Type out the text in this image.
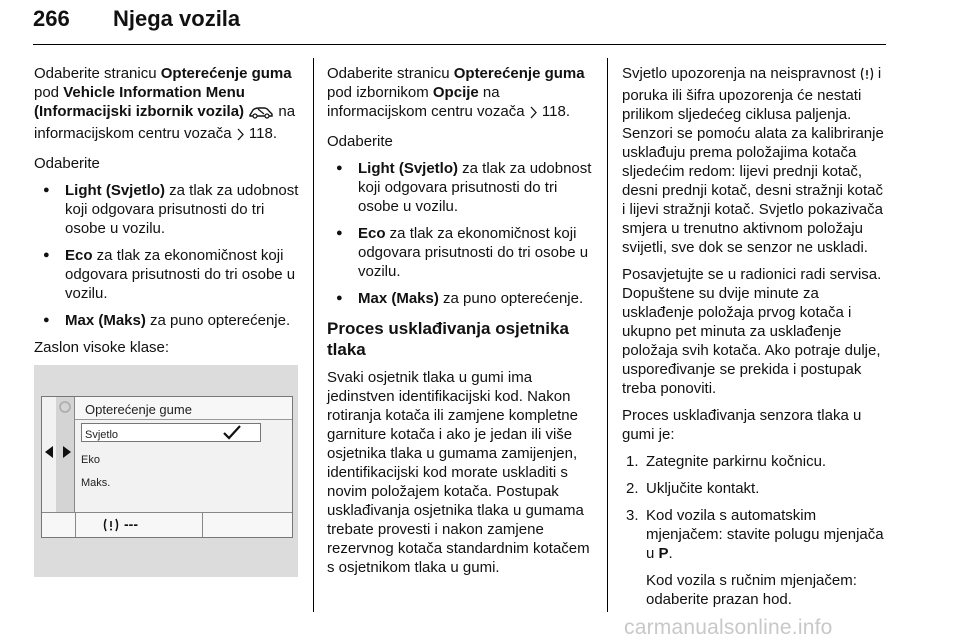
266 Njega vozila

Odaberite stranicu Opterećenje guma pod Vehicle Information Menu (Informacijski izbornik vozila)  na informacijskom centru vozača  118.

Odaberite

● Light (Svjetlo) za tlak za udobnost koji odgovara prisutnosti do tri osobe u vozilu.
● Eco za tlak za ekonomičnost koji odgovara prisutnosti do tri osobe u vozilu.
● Max (Maks) za puno opterećenje.

Zaslon visoke klase:

Opterećenje gume
Svjetlo
Eko
Maks.
---

Odaberite stranicu Opterećenje guma pod izbornikom Opcije na informacijskom centru vozača  118.

Odaberite

● Light (Svjetlo) za tlak za udobnost koji odgovara prisutnosti do tri osobe u vozilu.
● Eco za tlak za ekonomičnost koji odgovara prisutnosti do tri osobe u vozilu.
● Max (Maks) za puno opterećenje.
Proces usklađivanja osjetnika tlaka

Svaki osjetnik tlaka u gumi ima jedinstven identifikacijski kod. Nakon rotiranja kotača ili zamjene kompletne garniture kotača i ako je jedan ili više osjetnika tlaka u gumama zamijenjen, identifikacijski kod morate uskladiti s novim položajem kotača. Postupak usklađivanja osjetnika tlaka u gumama trebate provesti i nakon zamjene rezervnog kotača standardnim kotačem s osjetnikom tlaka u gumi.

Svjetlo upozorenja na neispravnost  i poruka ili šifra upozorenja će nestati prilikom sljedećeg ciklusa paljenja. Senzori se pomoću alata za kalibriranje usklađuju prema položajima kotača sljedećim redom: lijevi prednji kotač, desni prednji kotač, desni stražnji kotač i lijevi stražnji kotač. Svjetlo pokazivača smjera u trenutno aktivnom položaju svijetli, sve dok se senzor ne uskladi.

Posavjetujte se u radionici radi servisa. Dopuštene su dvije minute za usklađenje položaja prvog kotača i ukupno pet minuta za usklađenje položaja svih kotača. Ako potraje dulje, uspoređivanje se prekida i postupak treba ponoviti.

Proces usklađivanja senzora tlaka u gumi je:

1. Zategnite parkirnu kočnicu.
2. Uključite kontakt.
3. Kod vozila s automatskim mjenjačem: stavite polugu mjenjača u P.
Kod vozila s ručnim mjenjačem: odaberite prazan hod.
carmanualsonline.info
